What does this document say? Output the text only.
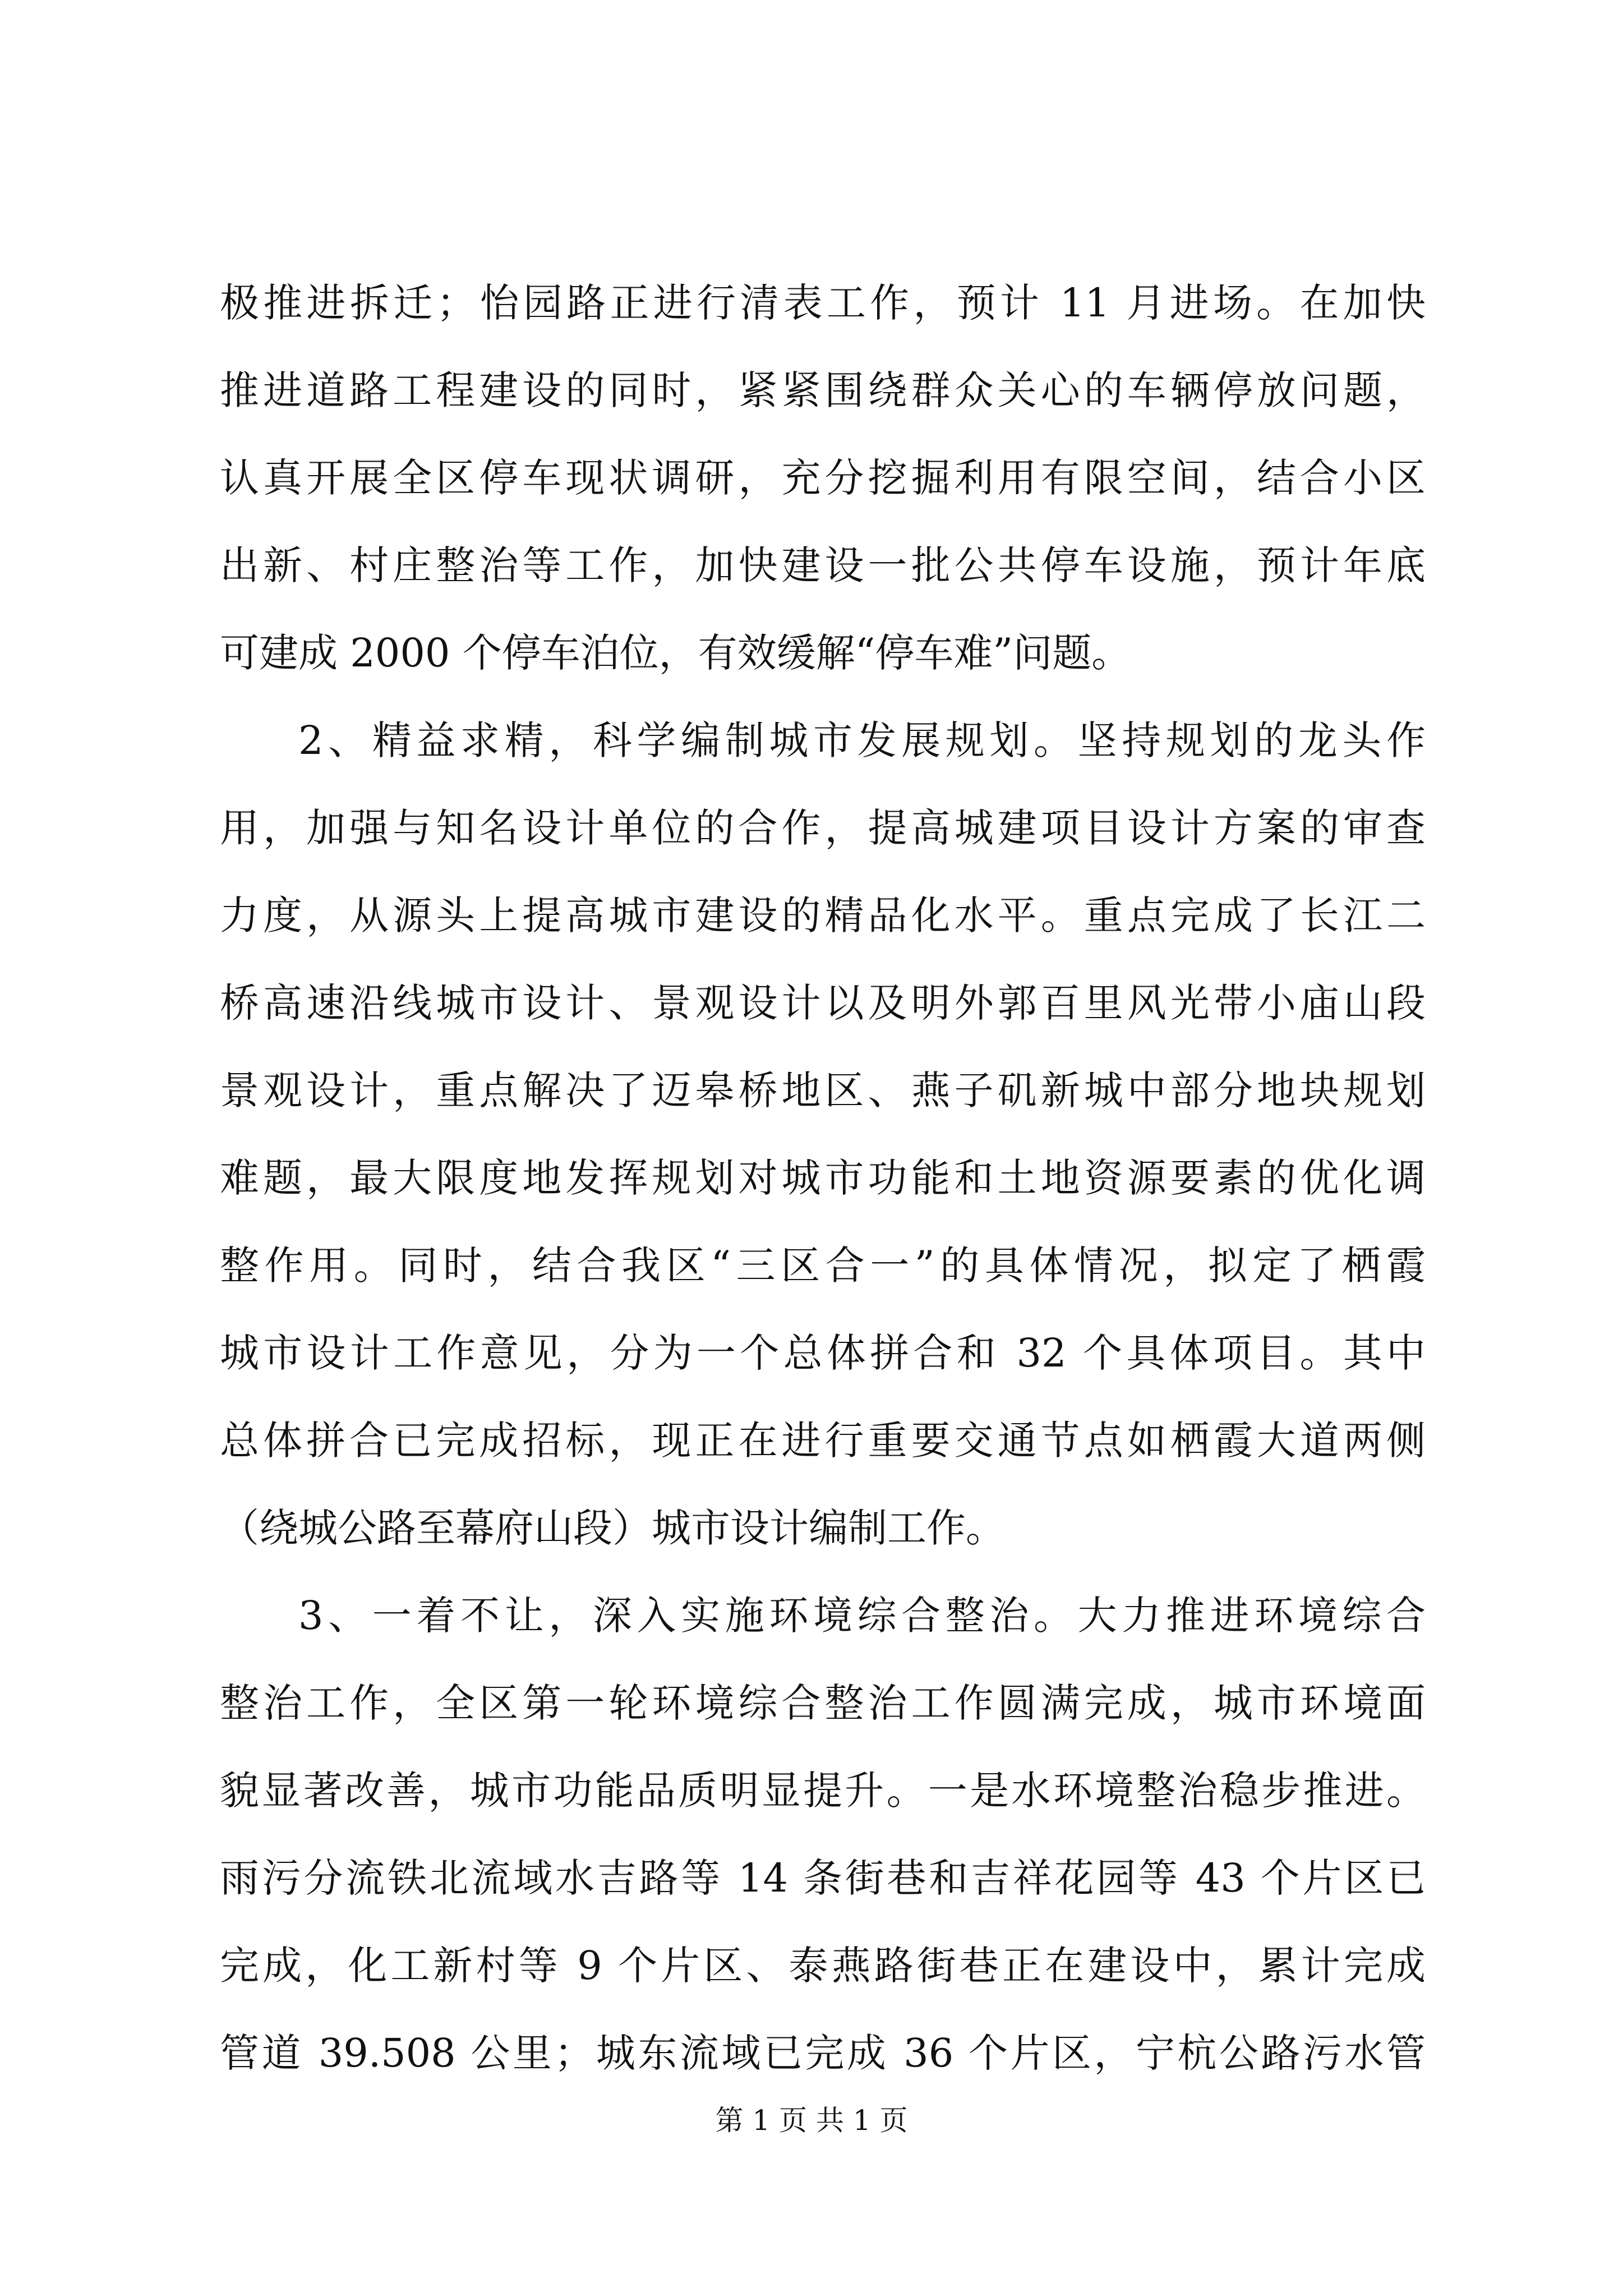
极推进拆迁；怡园路正进行清表工作，预计 11 月进场。在加快
推进道路工程建设的同时，紧紧围绕群众关心的车辆停放问题，
认真开展全区停车现状调研，充分挖掘利用有限空间，结合小区
出新、村庄整治等工作，加快建设一批公共停车设施，预计年底
可建成 2000 个停车泊位，有效缓解“停车难”问题。
2、精益求精，科学编制城市发展规划。坚持规划的龙头作
用，加强与知名设计单位的合作，提高城建项目设计方案的审查
力度，从源头上提高城市建设的精品化水平。重点完成了长江二
桥高速沿线城市设计、景观设计以及明外郭百里风光带小庙山段
景观设计，重点解决了迈皋桥地区、燕子矶新城中部分地块规划
难题，最大限度地发挥规划对城市功能和土地资源要素的优化调
整作用。同时，结合我区“三区合一”的具体情况，拟定了栖霞
城市设计工作意见，分为一个总体拼合和 32 个具体项目。其中
总体拼合已完成招标，现正在进行重要交通节点如栖霞大道两侧
（绕城公路至幕府山段）城市设计编制工作。
3、一着不让，深入实施环境综合整治。大力推进环境综合
整治工作，全区第一轮环境综合整治工作圆满完成，城市环境面
貌显著改善，城市功能品质明显提升。一是水环境整治稳步推进。
雨污分流铁北流域水吉路等 14 条街巷和吉祥花园等 43 个片区已
完成，化工新村等 9 个片区、泰燕路街巷正在建设中，累计完成
管道 39.508 公里；城东流域已完成 36 个片区，宁杭公路污水管
第 1 页 共 1 页
